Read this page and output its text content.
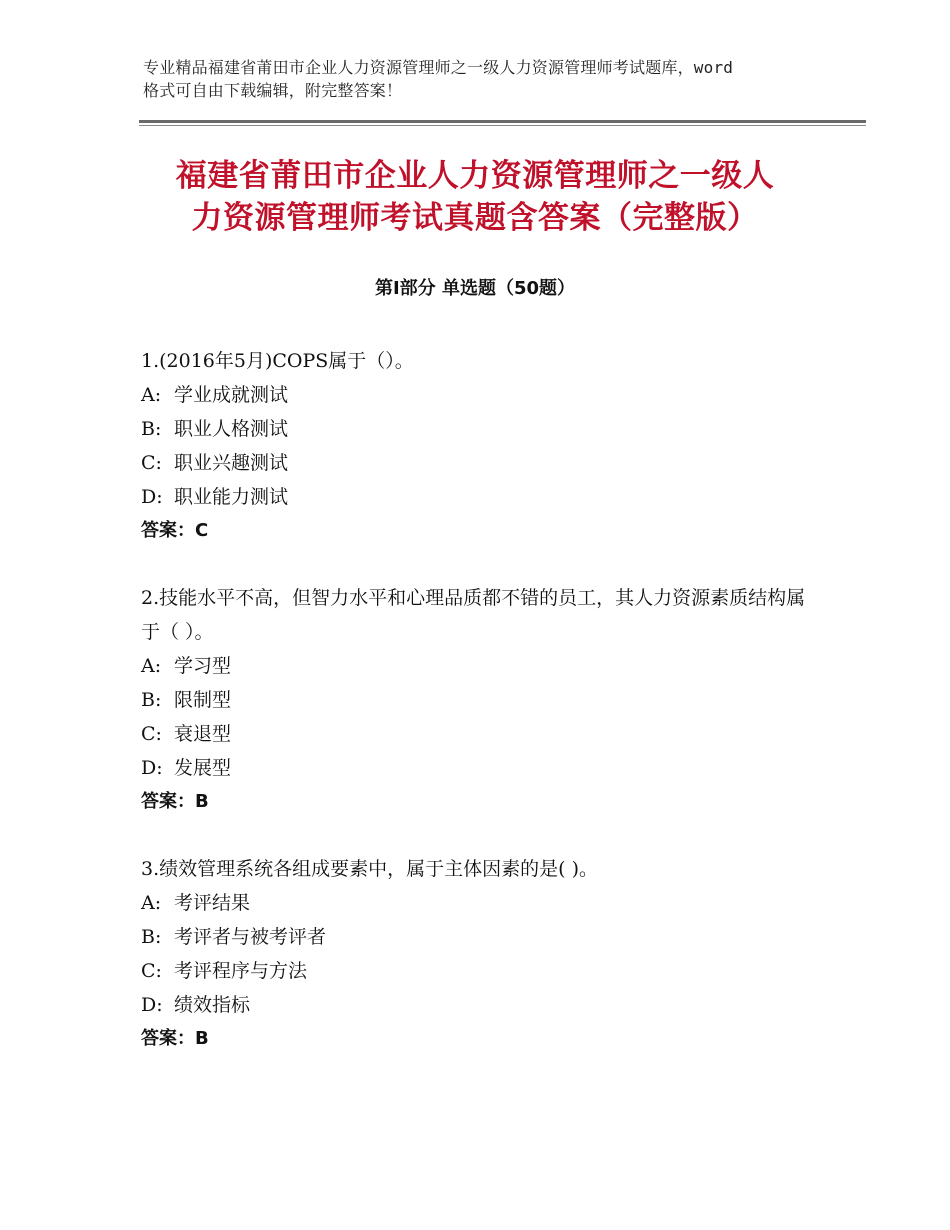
专业精品福建省莆田市企业人力资源管理师之一级人力资源管理师考试题库，word
格式可自由下载编辑，附完整答案！
福建省莆田市企业人力资源管理师之一级人
力资源管理师考试真题含答案（完整版）
第Ⅰ部分 单选题（50题）
1.(2016年5月)COPS属于（）。
A: 学业成就测试
B: 职业人格测试
C: 职业兴趣测试
D: 职业能力测试
答案：C
2.技能水平不高，但智力水平和心理品质都不错的员工，其人力资源素质结构属 于（ ）。
A: 学习型
B: 限制型
C: 衰退型
D: 发展型
答案：B
3.绩效管理系统各组成要素中，属于主体因素的是( )。
A: 考评结果
B: 考评者与被考评者
C: 考评程序与方法
D: 绩效指标
答案：B
